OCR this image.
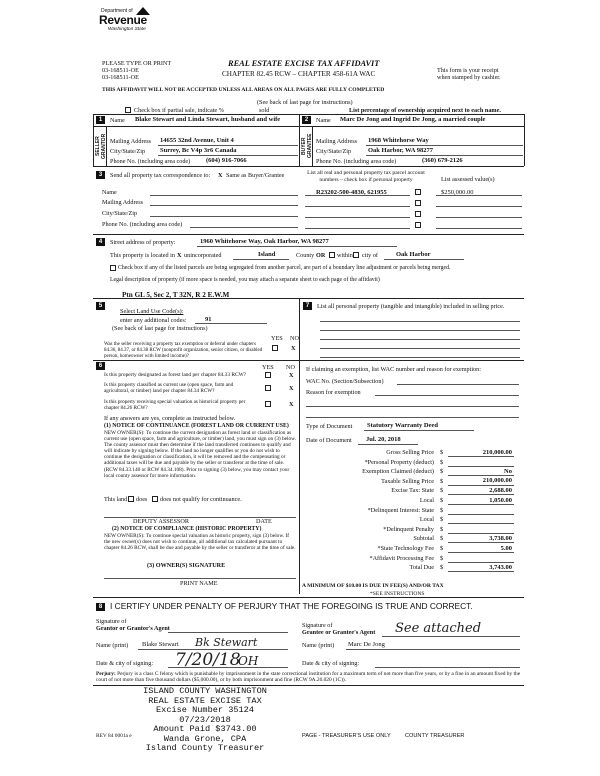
Department of
Revenue
Washington State
PLEASE TYPE OR PRINT
03-168511-OE
03-168511-OE
REAL ESTATE EXCISE TAX AFFIDAVIT
CHAPTER 82.45 RCW – CHAPTER 458-61A WAC	This form is your receipt
when stamped by cashier.
THIS AFFIDAVIT WILL NOT BE ACCEPTED UNLESS ALL AREAS ON ALL PAGES ARE FULLY COMPLETED
(See back of last page for instructions)
Check box if partial sale, indicate %	sold	List percentage of ownership acquired next to each name.
1	Name Blake Stewart and Linda Stewart, husband and wife
SELLER GRANTOR Mailing Address 14655 32nd Avenue, Unit 4
City/State/Zip Surrey, Bc V4p 3r6 Canada
Phone No. (including area code) (604) 916-7066
2	Name Marc De Jong and Ingrid De Jong, a married couple
BUYER GRANTEE Mailing Address 1968 Whitehorse Way
City/State/Zip	Oak Harbor, WA 98277
Phone No. (including area code)	(360) 679-2126
3	Send all property tax correspondence to: X Same as Buyer/Grantee
Name
Mailing Address
City/State/Zip
Phone No. (including area code)
List all real and personal property tax parcel account numbers – check box if personal property	List assessed value(s)
R23202-500-4830, 621955	$250,000.00
4	Street address of property:	1960 Whitehorse Way, Oak Harbor, WA 98277
This property is located in X unincorporated	Island	County OR within city of	Oak Harbor
Check box if any of the listed parcels are being segregated from another parcel, are part of a boundary line adjustment or parcels being merged.
Legal description of property (if more space is needed, you may attach a separate sheet to each page of the affidavit)
Ptn GL 5, Sec 2, T 32N, R 2 E.W.M
5
Select Land Use Code(s):
enter any additional codes:	91
(See back of last page for instructions)
YES NO
Was the seller receiving a property tax exemption or deferral under chapters 84.36, 84.37, or 84.38 RCW (nonprofit organization, senior citizen, or disabled person, homeowner with limited income)?
X
6	YES NO
Is this property designated as forest land per chapter 84.33 RCW?	X
Is this property classified as current use (open space, farm and agricultural, or timber) land per chapter 84.34 RCW?	X
Is this property receiving special valuation as historical property per chapter 84.26 RCW?	X
If any answers are yes, complete as instructed below.
(1) NOTICE OF CONTINUANCE (FOREST LAND OR CURRENT USE)
NEW OWNER(S): To continue the current designation as forest land or classification as current use (open space, farm and agriculture, or timber) land, you must sign on (3) below. The county assessor must then determine if the land transferred continues to qualify and will indicate by signing below. If the land no longer qualifies or you do not wish to continue the designation or classification, it will be removed and the compensating or additional taxes will be due and payable by the seller or transferor at the time of sale. (RCW 84.33.140 or RCW 84.34.108). Prior to signing (3) below, you may contact your local county assessor for more information.
This land does does not qualify for continuance.
DEPUTY ASSESSOR	DATE
(2) NOTICE OF COMPLIANCE (HISTORIC PROPERTY)
NEW OWNER(S): To continue special valuation as historic property, sign (3) below. If the new owner(s) does not wish to continue, all additional tax calculated pursuant to chapter 84.26 RCW, shall be due and payable by the seller or transferor at the time of sale.
(3) OWNER(S) SIGNATURE
PRINT NAME
7	List all personal property (tangible and intangible) included in selling price.
If claiming an exemption, list WAC number and reason for exemption:
WAC No. (Section/Subsection)
Reason for exemption
Type of Document Statutory Warranty Deed
Date of Document Jul. 20, 2018
Gross Selling Price $	210,000.00
*Personal Property (deduct) $
Exemption Claimed (deduct) $	No
Taxable Selling Price $	210,000.00
Excise Tax: State $	2,688.00
Local $	1,050.00
*Delinquent Interest: State $
Local $
*Delinquent Penalty $
Subtotal $	3,738.00
*State Technology Fee $	5.00
*Affidavit Processing Fee $
Total Due $	3,743.00
A MINIMUM OF $10.00 IS DUE IN FEE(S) AND/OR TAX
*SEE INSTRUCTIONS
8 I CERTIFY UNDER PENALTY OF PERJURY THAT THE FOREGOING IS TRUE AND CORRECT.
Signature of
Grantor or Grantor's Agent
Name (print) Blake Stewart Bk Stewart
Date & city of signing: 7/20/18
OH
Signature of
Grantee or Grantee's Agent See attached
Name (print) Marc De Jong
Date & city of signing:
Perjury: Perjury is a class C felony which is punishable by imprisonment in the state correctional institution for a maximum term of not more than five years, or by a fine in an amount fixed by the court of not more than five thousand dollars ($5,000.00), or by both imprisonment and fine (RCW 9A.20.020 (1C)).
ISLAND COUNTY WASHINGTON
REAL ESTATE EXCISE TAX
Excise Number 35124
07/23/2018
Amount Paid $3743.00
Wanda Grone, CPA
Island County Treasurer
REV 84 0001a e	PAGE - TREASURER'S USE ONLY	COUNTY TREASURER
